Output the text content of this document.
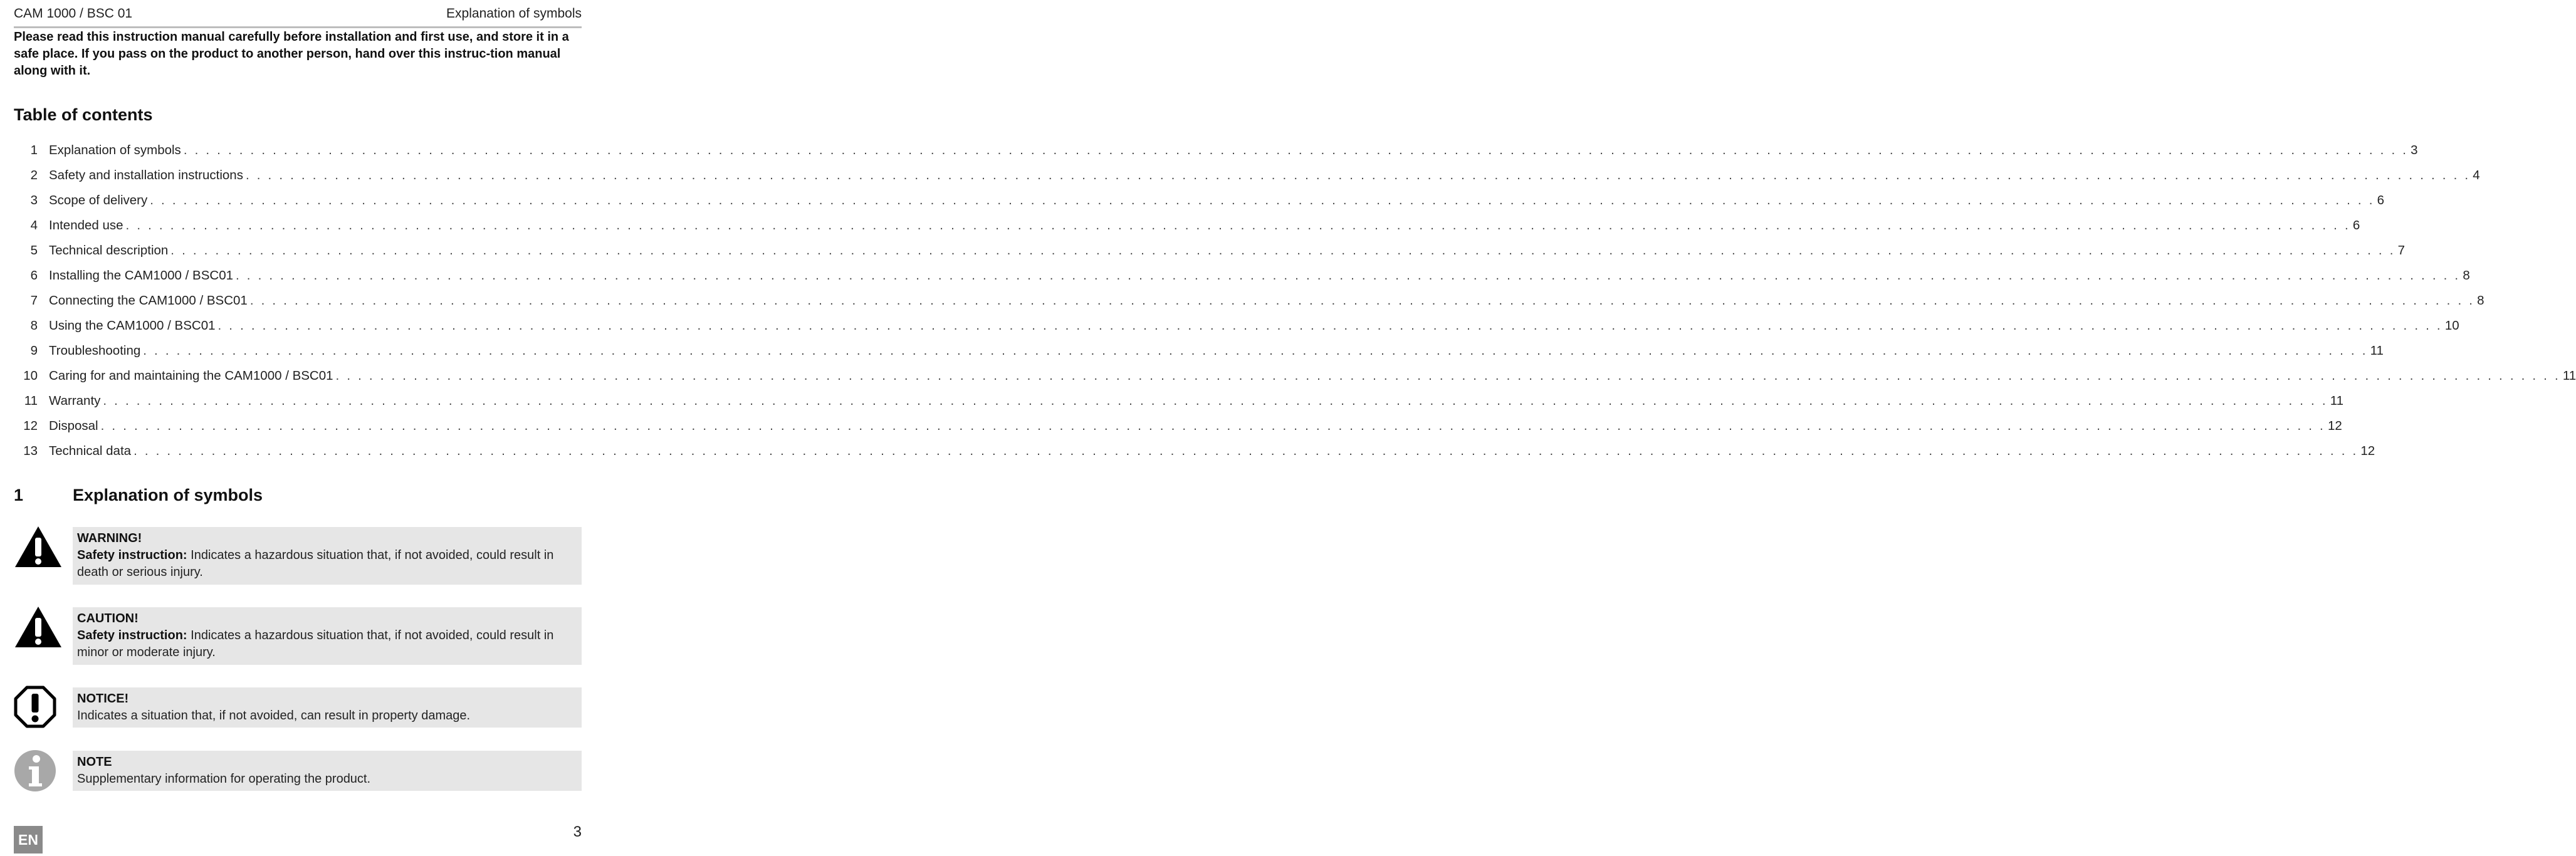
CAM 1000 / BSC 01	Explanation of symbols
Please read this instruction manual carefully before installation and first use, and store it in a safe place. If you pass on the product to another person, hand over this instruc-tion manual along with it.
Table of contents
1 Explanation of symbols . . . . . . . . . . . . . . . . . . . . . . . . . . . . . . . . . . . . . . . . . . . . . . . . . . . . . . . . . . . . . . . . . . . . . . . . . . . . . . . . . . . . . . . . . . . . . . . . . . . . . . . . . . . . . . . . . . . . . . . . . . . . . . . . . . . . . . . . . . . . . . . . . . . . . . . . . . . . . . . . . . . . . . . . . . . . . . . . . . . . . . . . . . . . . . . . . . . . . . . . 3
2 Safety and installation instructions . . . . . . . . . . . . . . . . . . . . . . . . . . . . . . . . . . . . . . . . . . . . . . . . . . . . . . . . . . . . . . . . . . . . . . . . . . . . . . . . . . . . . . . . . . . . . . . . . . . . . . . . . . . . . . . . . . . . . . . . . . . . . . . . . . . . . . . . . . . . . . . . . . . . . . . . . . . . . . . . . . . . . . . . . . . . . . . . . . . . . . . . . . . . . . . . . . . . . . . . 4
3 Scope of delivery . . . . . . . . . . . . . . . . . . . . . . . . . . . . . . . . . . . . . . . . . . . . . . . . . . . . . . . . . . . . . . . . . . . . . . . . . . . . . . . . . . . . . . . . . . . . . . . . . . . . . . . . . . . . . . . . . . . . . . . . . . . . . . . . . . . . . . . . . . . . . . . . . . . . . . . . . . . . . . . . . . . . . . . . . . . . . . . . . . . . . . . . . . . . . . . . . . . . . . . . 6
4 Intended use . . . . . . . . . . . . . . . . . . . . . . . . . . . . . . . . . . . . . . . . . . . . . . . . . . . . . . . . . . . . . . . . . . . . . . . . . . . . . . . . . . . . . . . . . . . . . . . . . . . . . . . . . . . . . . . . . . . . . . . . . . . . . . . . . . . . . . . . . . . . . . . . . . . . . . . . . . . . . . . . . . . . . . . . . . . . . . . . . . . . . . . . . . . . . . . . . . . . . . . . 6
5 Technical description . . . . . . . . . . . . . . . . . . . . . . . . . . . . . . . . . . . . . . . . . . . . . . . . . . . . . . . . . . . . . . . . . . . . . . . . . . . . . . . . . . . . . . . . . . . . . . . . . . . . . . . . . . . . . . . . . . . . . . . . . . . . . . . . . . . . . . . . . . . . . . . . . . . . . . . . . . . . . . . . . . . . . . . . . . . . . . . . . . . . . . . . . . . . . . . . . . . . . . . . 7
6 Installing the CAM1000 / BSC01 . . . . . . . . . . . . . . . . . . . . . . . . . . . . . . . . . . . . . . . . . . . . . . . . . . . . . . . . . . . . . . . . . . . . . . . . . . . . . . . . . . . . . . . . . . . . . . . . . . . . . . . . . . . . . . . . . . . . . . . . . . . . . . . . . . . . . . . . . . . . . . . . . . . . . . . . . . . . . . . . . . . . . . . . . . . . . . . . . . . . . . . . . . . . . . . . . . . . . . . . 8
7 Connecting the CAM1000 / BSC01 . . . . . . . . . . . . . . . . . . . . . . . . . . . . . . . . . . . . . . . . . . . . . . . . . . . . . . . . . . . . . . . . . . . . . . . . . . . . . . . . . . . . . . . . . . . . . . . . . . . . . . . . . . . . . . . . . . . . . . . . . . . . . . . . . . . . . . . . . . . . . . . . . . . . . . . . . . . . . . . . . . . . . . . . . . . . . . . . . . . . . . . . . . . . . . . . . . . . . . . . 8
8 Using the CAM1000 / BSC01 . . . . . . . . . . . . . . . . . . . . . . . . . . . . . . . . . . . . . . . . . . . . . . . . . . . . . . . . . . . . . . . . . . . . . . . . . . . . . . . . . . . . . . . . . . . . . . . . . . . . . . . . . . . . . . . . . . . . . . . . . . . . . . . . . . . . . . . . . . . . . . . . . . . . . . . . . . . . . . . . . . . . . . . . . . . . . . . . . . . . . . . . . . . . . . . . . . . . . . . . 10
9 Troubleshooting . . . . . . . . . . . . . . . . . . . . . . . . . . . . . . . . . . . . . . . . . . . . . . . . . . . . . . . . . . . . . . . . . . . . . . . . . . . . . . . . . . . . . . . . . . . . . . . . . . . . . . . . . . . . . . . . . . . . . . . . . . . . . . . . . . . . . . . . . . . . . . . . . . . . . . . . . . . . . . . . . . . . . . . . . . . . . . . . . . . . . . . . . . . . . . . . . . . . . . . . 11
10 Caring for and maintaining the CAM1000 / BSC01 . . . . . . . . . . . . . . . . . . . . . . . . . . . . . . . . . . . . . . . . . . . . . . . . . . . . . . . . . . . . . . . . . . . . . . . . . . . . . . . . . . . . . . . . . . . . . . . . . . . . . . . . . . . . . . . . . . . . . . . . . . . . . . . . . . . . . . . . . . . . . . . . . . . . . . . . . . . . . . . . . . . . . . . . . . . . . . . . . . . . . . . . . . . . . . . . . . . . . . . . 11
11 Warranty . . . . . . . . . . . . . . . . . . . . . . . . . . . . . . . . . . . . . . . . . . . . . . . . . . . . . . . . . . . . . . . . . . . . . . . . . . . . . . . . . . . . . . . . . . . . . . . . . . . . . . . . . . . . . . . . . . . . . . . . . . . . . . . . . . . . . . . . . . . . . . . . . . . . . . . . . . . . . . . . . . . . . . . . . . . . . . . . . . . . . . . . . . . . . . . . . . . . . . . . 11
12 Disposal . . . . . . . . . . . . . . . . . . . . . . . . . . . . . . . . . . . . . . . . . . . . . . . . . . . . . . . . . . . . . . . . . . . . . . . . . . . . . . . . . . . . . . . . . . . . . . . . . . . . . . . . . . . . . . . . . . . . . . . . . . . . . . . . . . . . . . . . . . . . . . . . . . . . . . . . . . . . . . . . . . . . . . . . . . . . . . . . . . . . . . . . . . . . . . . . . . . . . . . . 12
13 Technical data . . . . . . . . . . . . . . . . . . . . . . . . . . . . . . . . . . . . . . . . . . . . . . . . . . . . . . . . . . . . . . . . . . . . . . . . . . . . . . . . . . . . . . . . . . . . . . . . . . . . . . . . . . . . . . . . . . . . . . . . . . . . . . . . . . . . . . . . . . . . . . . . . . . . . . . . . . . . . . . . . . . . . . . . . . . . . . . . . . . . . . . . . . . . . . . . . . . . . . . . 12
1	Explanation of symbols
WARNING!
Safety instruction: Indicates a hazardous situation that, if not avoided, could result in death or serious injury.
CAUTION!
Safety instruction: Indicates a hazardous situation that, if not avoided, could result in minor or moderate injury.
NOTICE!
Indicates a situation that, if not avoided, can result in property damage.
NOTE
Supplementary information for operating the product.
EN	3
